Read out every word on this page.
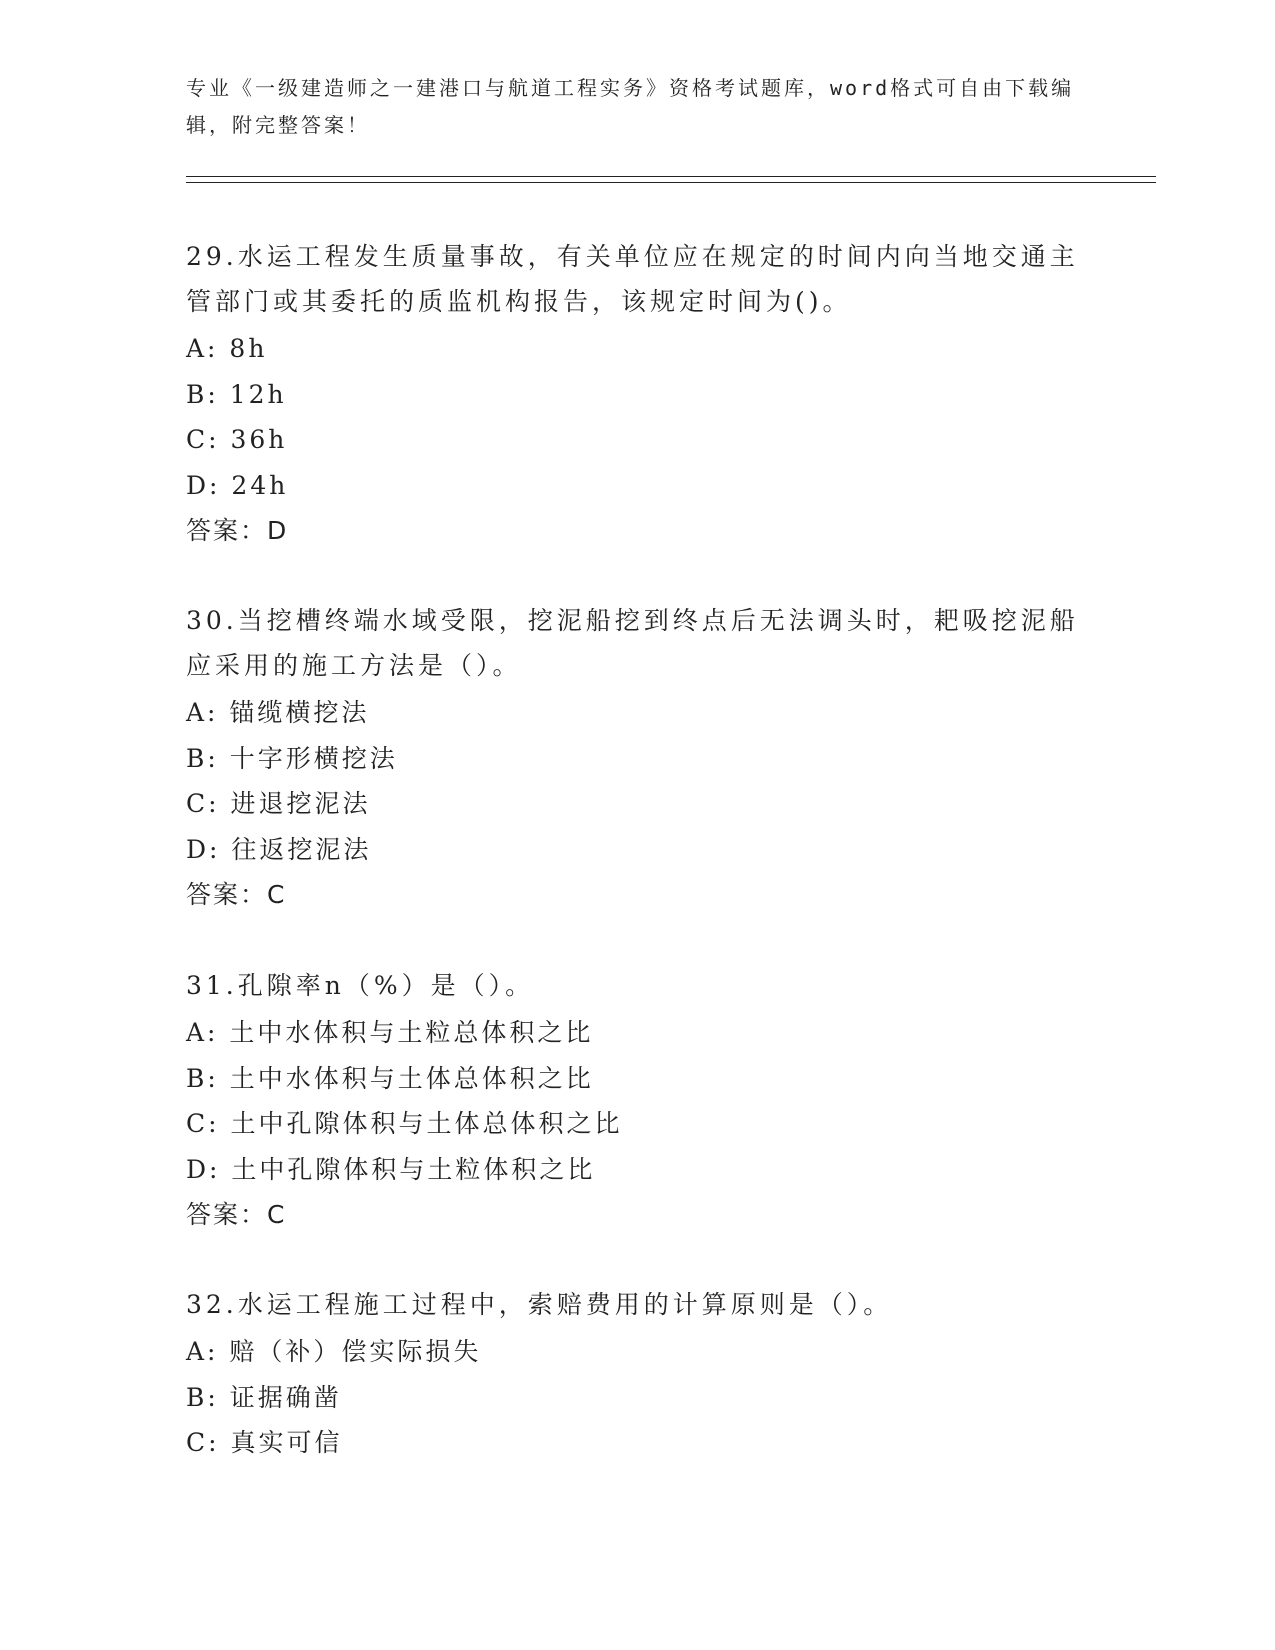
专业《一级建造师之一建港口与航道工程实务》资格考试题库，word格式可自由下载编辑，附完整答案！
29.水运工程发生质量事故，有关单位应在规定的时间内向当地交通主管部门或其委托的质监机构报告，该规定时间为()。
A: 8h
B: 12h
C: 36h
D: 24h
答案：D
30.当挖槽终端水域受限，挖泥船挖到终点后无法调头时，耙吸挖泥船应采用的施工方法是（）。
A: 锚缆横挖法
B: 十字形横挖法
C: 进退挖泥法
D: 往返挖泥法
答案：C
31.孔隙率n（%）是（）。
A: 土中水体积与土粒总体积之比
B: 土中水体积与土体总体积之比
C: 土中孔隙体积与土体总体积之比
D: 土中孔隙体积与土粒体积之比
答案：C
32.水运工程施工过程中，索赔费用的计算原则是（）。
A: 赔（补）偿实际损失
B: 证据确凿
C: 真实可信
